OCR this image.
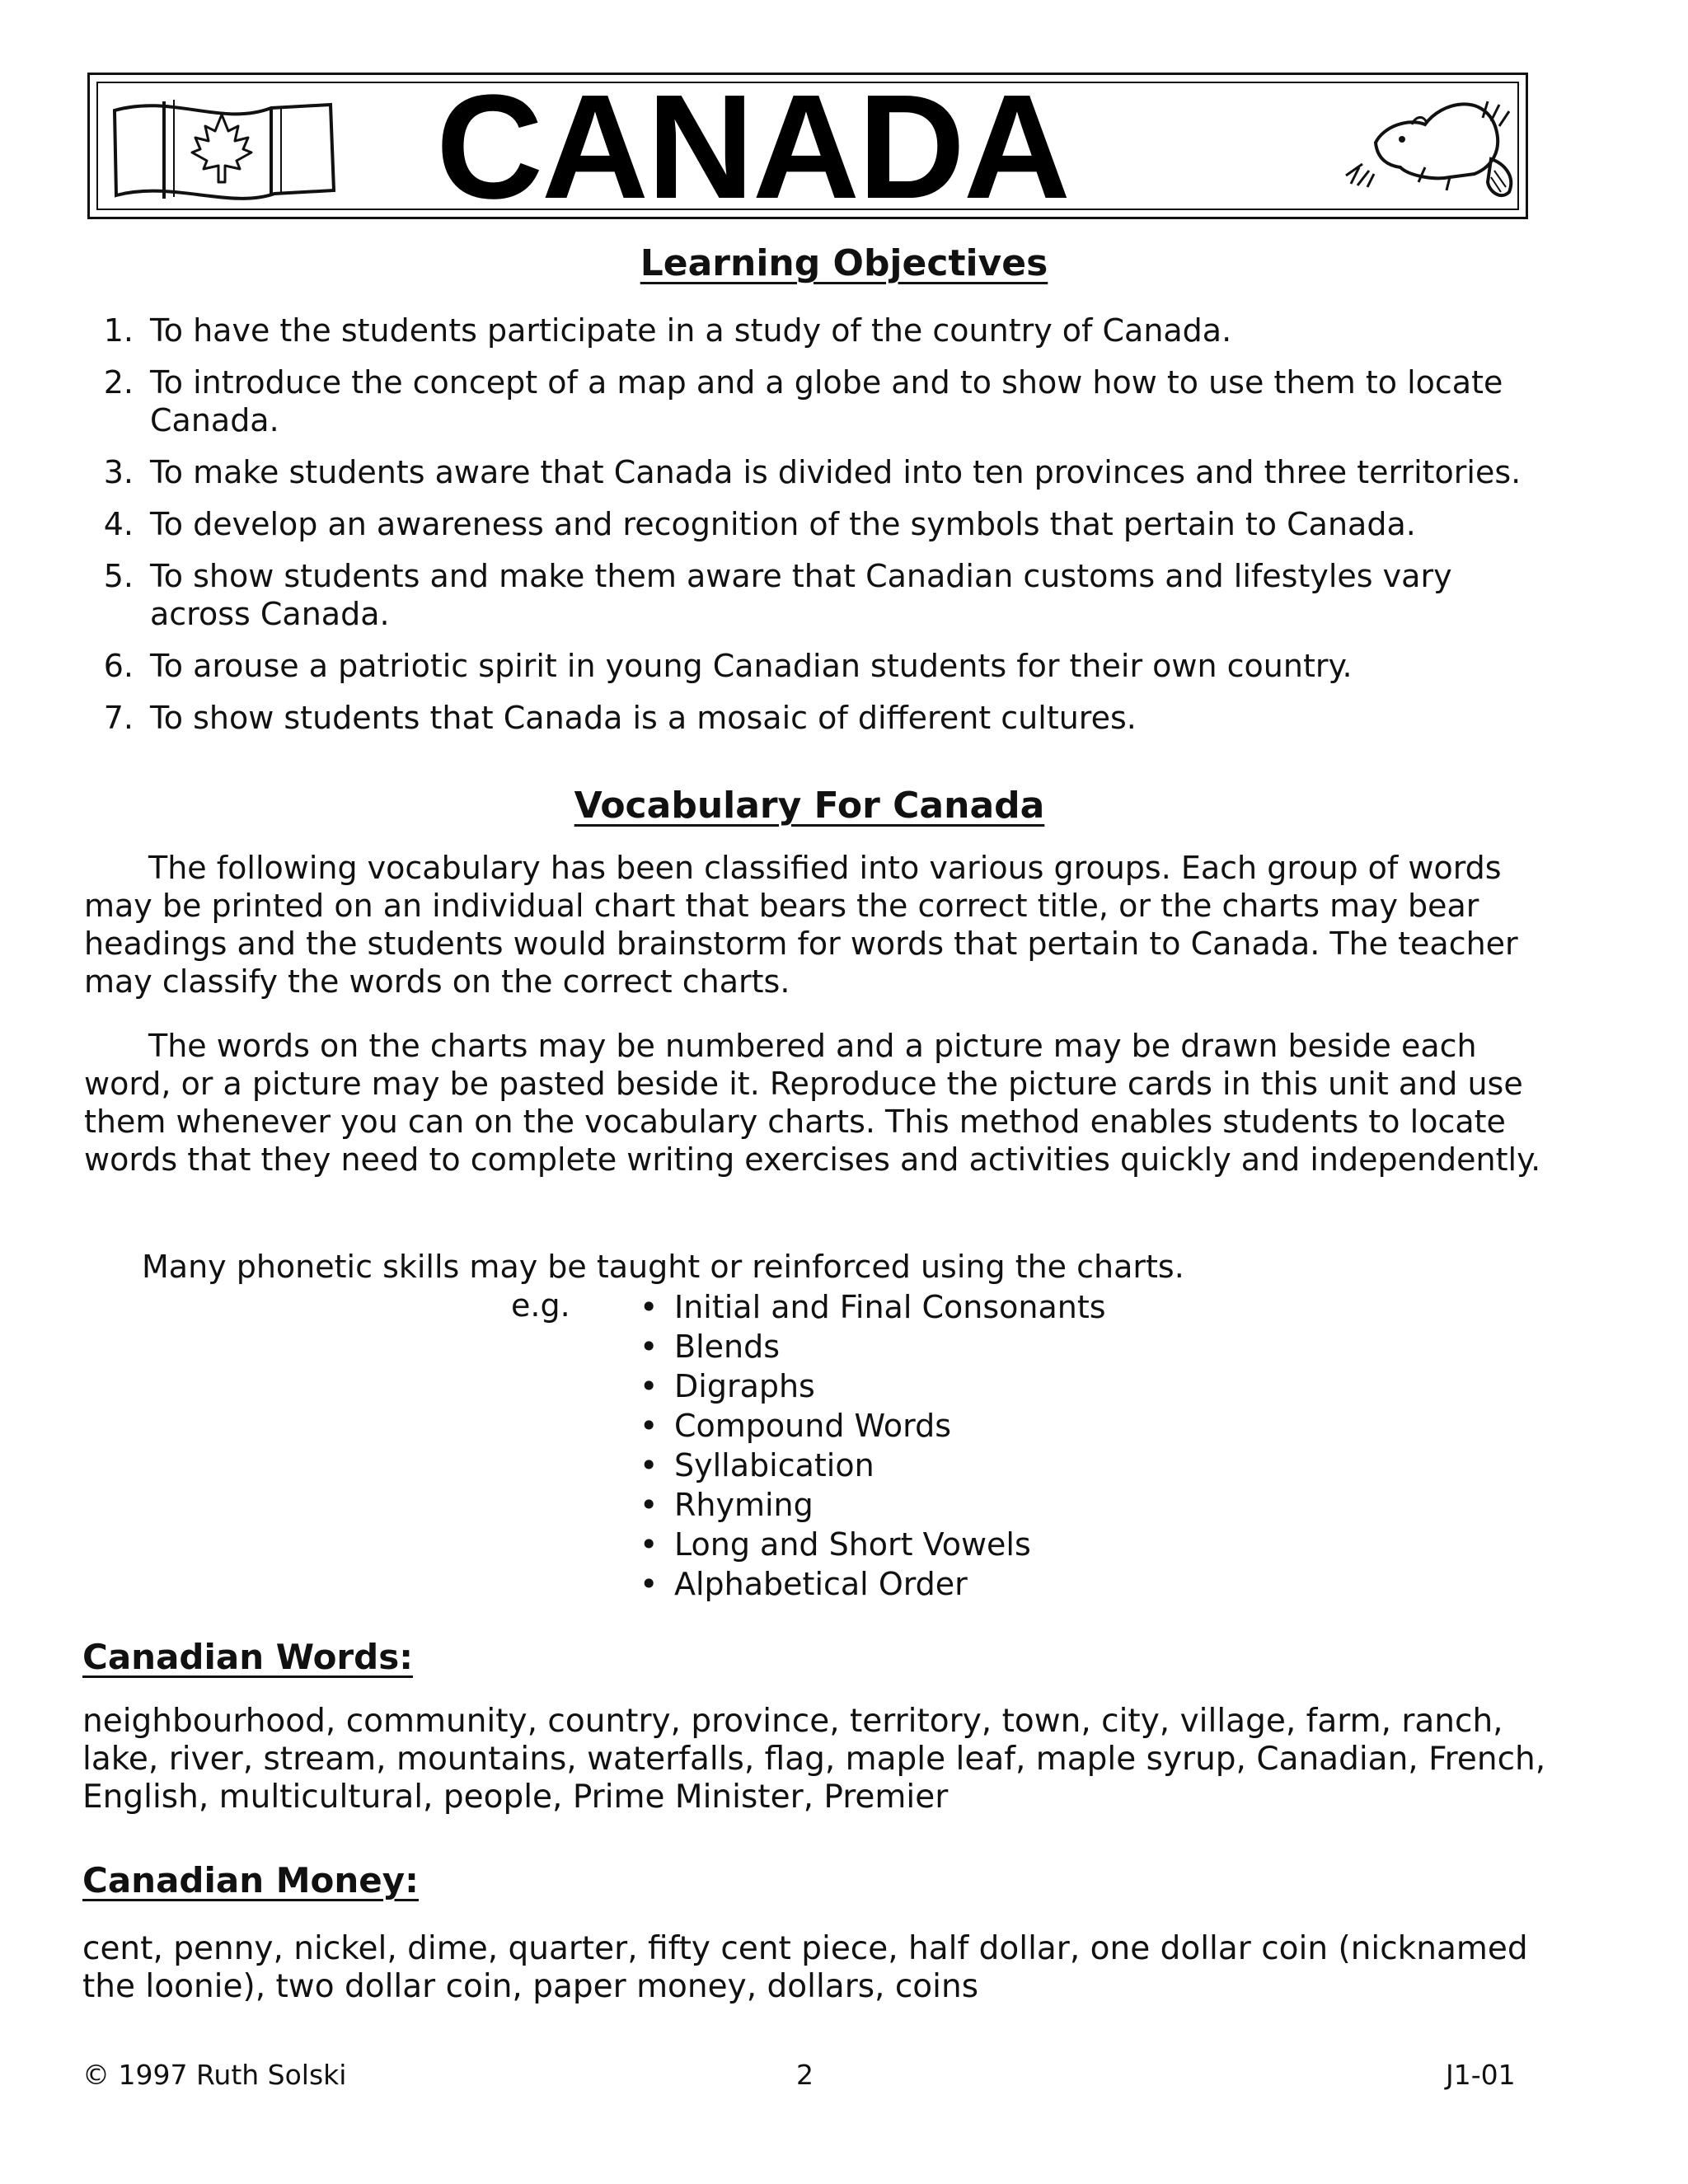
CANADA
Learning Objectives
1. To have the students participate in a study of the country of Canada.
2. To introduce the concept of a map and a globe and to show how to use them to locate Canada.
3. To make students aware that Canada is divided into ten provinces and three territories.
4. To develop an awareness and recognition of the symbols that pertain to Canada.
5. To show students and make them aware that Canadian customs and lifestyles vary across Canada.
6. To arouse a patriotic spirit in young Canadian students for their own country.
7. To show students that Canada is a mosaic of different cultures.
Vocabulary For Canada

The following vocabulary has been classified into various groups. Each group of words may be printed on an individual chart that bears the correct title, or the charts may bear headings and the students would brainstorm for words that pertain to Canada. The teacher may classify the words on the correct charts.

The words on the charts may be numbered and a picture may be drawn beside each word, or a picture may be pasted beside it. Reproduce the picture cards in this unit and use them whenever you can on the vocabulary charts. This method enables students to locate words that they need to complete writing exercises and activities quickly and independently.

Many phonetic skills may be taught or reinforced using the charts.

e.g. • Initial and Final Consonants
• Blends
• Digraphs
• Compound Words
• Syllabication
• Rhyming
• Long and Short Vowels
• Alphabetical Order
Canadian Words:

neighbourhood, community, country, province, territory, town, city, village, farm, ranch, lake, river, stream, mountains, waterfalls, flag, maple leaf, maple syrup, Canadian, French, English, multicultural, people, Prime Minister, Premier

Canadian Money:

cent, penny, nickel, dime, quarter, fifty cent piece, half dollar, one dollar coin (nicknamed the loonie), two dollar coin, paper money, dollars, coins

© 1997 Ruth Solski	2	J1-01
